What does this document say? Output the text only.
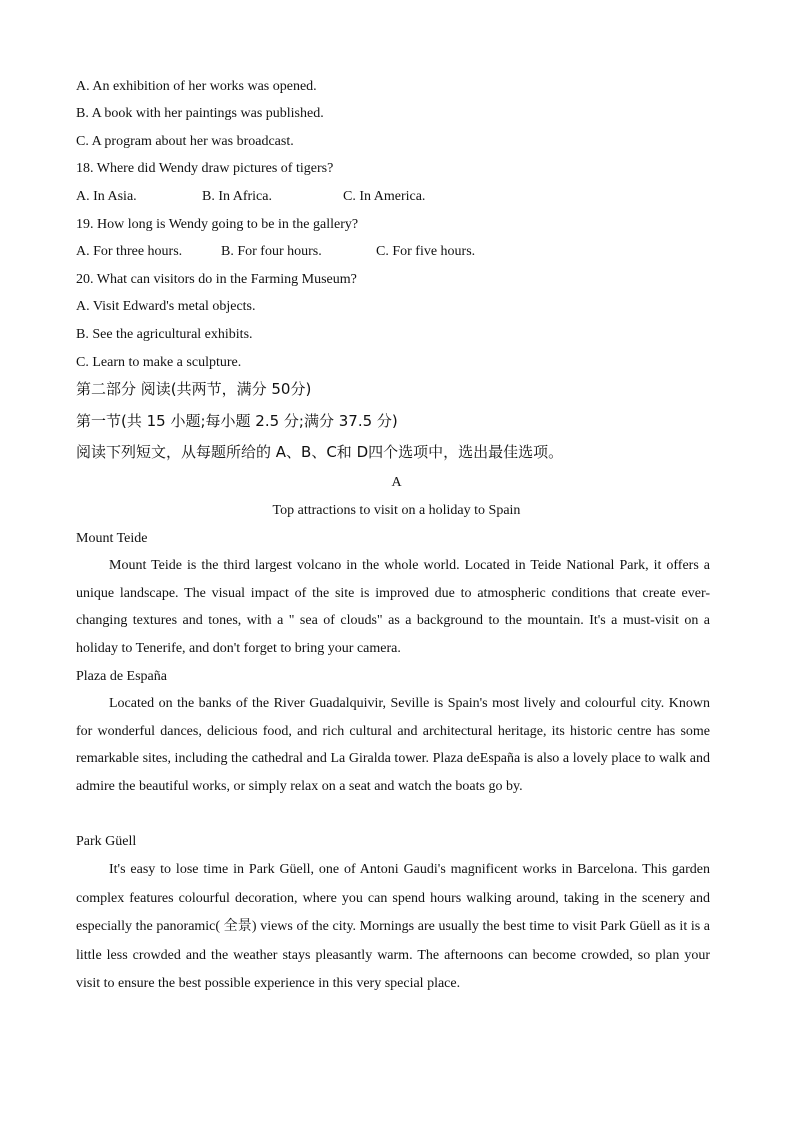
A. An exhibition of her works was opened.
B. A book with her paintings was published.
C. A program about her was broadcast.
18. Where did Wendy draw pictures of tigers?
A. In Asia.	B. In Africa.	C. In America.
19. How long is Wendy going to be in the gallery?
A. For three hours.	B. For four hours.	C. For five hours.
20. What can visitors do in the Farming Museum?
A. Visit Edward's metal objects.
B. See the agricultural exhibits.
C. Learn to make a sculpture.
第二部分 阅读(共两节，满分 50分)
第一节(共 15 小题;每小题 2.5 分;满分 37.5 分)
阅读下列短文，从每题所给的 A、B、C和 D四个选项中，选出最佳选项。
A
Top attractions to visit on a holiday to Spain
Mount Teide
Mount Teide is the third largest volcano in the whole world. Located in Teide National Park, it offers a unique landscape. The visual impact of the site is improved due to atmospheric conditions that create ever-changing textures and tones, with a " sea of clouds" as a background to the mountain. It's a must-visit on a holiday to Tenerife, and don't forget to bring your camera.
Plaza de España
Located on the banks of the River Guadalquivir, Seville is Spain's most lively and colourful city. Known for wonderful dances, delicious food, and rich cultural and architectural heritage, its historic centre has some remarkable sites, including the cathedral and La Giralda tower. Plaza deEspaña is also a lovely place to walk and admire the beautiful works, or simply relax on a seat and watch the boats go by.
Park Güell
It's easy to lose time in Park Güell, one of Antoni Gaudi's magnificent works in Barcelona. This garden complex features colourful decoration, where you can spend hours walking around, taking in the scenery and especially the panoramic( 全景) views of the city. Mornings are usually the best time to visit Park Güell as it is a little less crowded and the weather stays pleasantly warm. The afternoons can become crowded, so plan your visit to ensure the best possible experience in this very special place.
